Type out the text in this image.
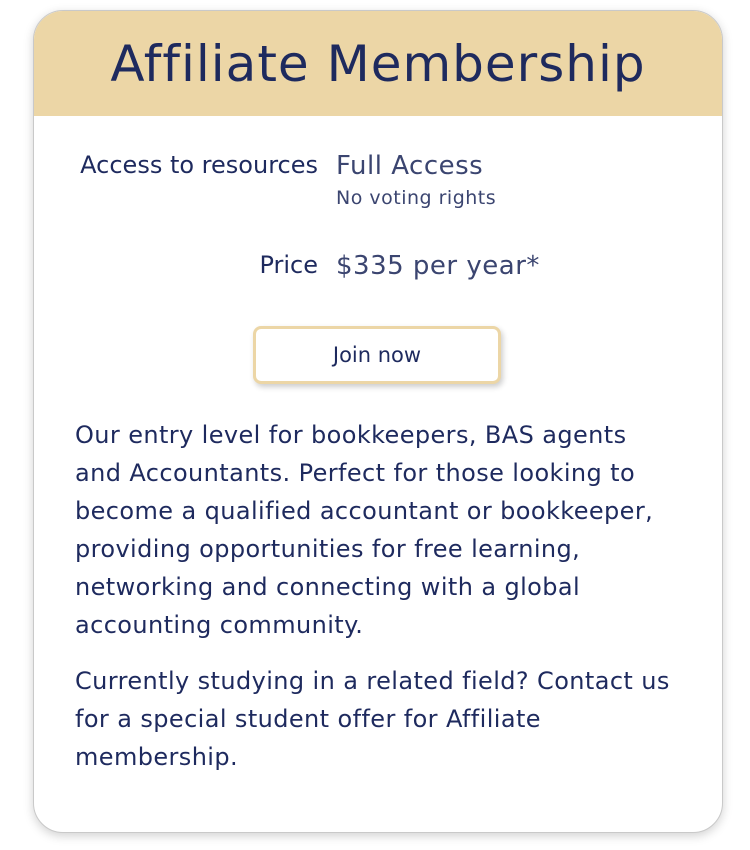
Affiliate Membership
Access to resources Full Access
No voting rights
Price $335 per year*
Join now

Our entry level for bookkeepers, BAS agents and Accountants. Perfect for those looking to become a qualified accountant or bookkeeper, providing opportunities for free learning, networking and connecting with a global accounting community.

Currently studying in a related field? Contact us for a special student offer for Affiliate membership.
